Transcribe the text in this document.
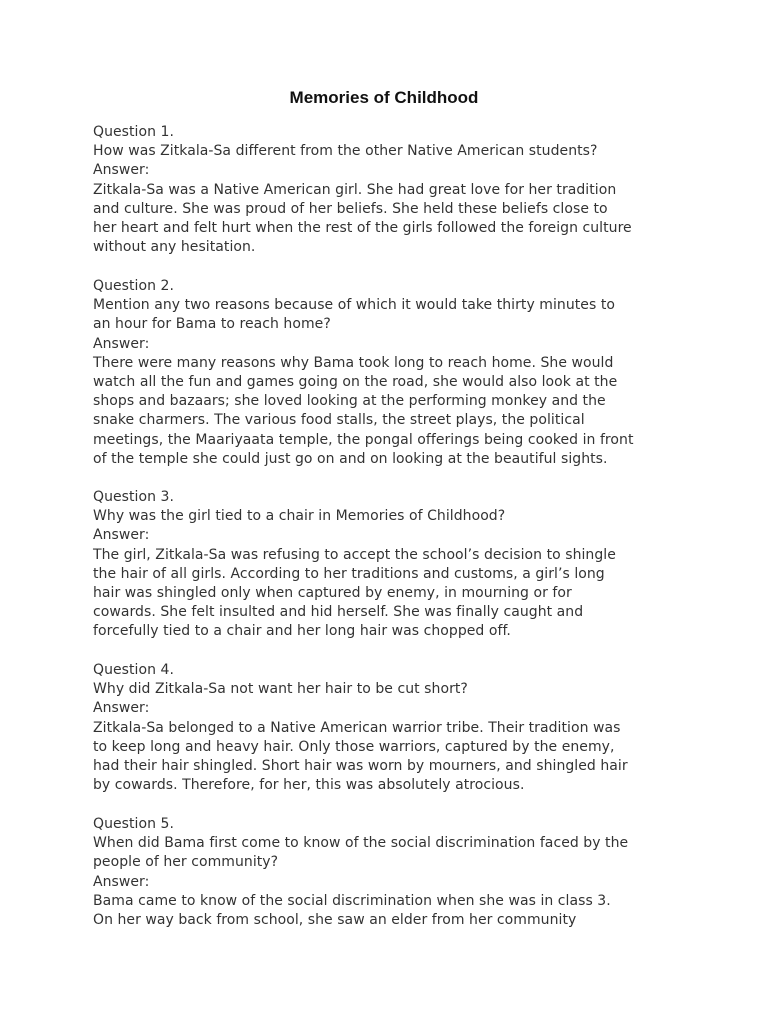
Memories of Childhood
Question 1.
How was Zitkala-Sa different from the other Native American students?
Answer:
Zitkala-Sa was a Native American girl. She had great love for her tradition
and culture. She was proud of her beliefs. She held these beliefs close to
her heart and felt hurt when the rest of the girls followed the foreign culture
without any hesitation.
Question 2.
Mention any two reasons because of which it would take thirty minutes to
an hour for Bama to reach home?
Answer:
There were many reasons why Bama took long to reach home. She would
watch all the fun and games going on the road, she would also look at the
shops and bazaars; she loved looking at the performing monkey and the
snake charmers. The various food stalls, the street plays, the political
meetings, the Maariyaata temple, the pongal offerings being cooked in front
of the temple she could just go on and on looking at the beautiful sights.
Question 3.
Why was the girl tied to a chair in Memories of Childhood?
Answer:
The girl, Zitkala-Sa was refusing to accept the school’s decision to shingle
the hair of all girls. According to her traditions and customs, a girl’s long
hair was shingled only when captured by enemy, in mourning or for
cowards. She felt insulted and hid herself. She was finally caught and
forcefully tied to a chair and her long hair was chopped off.
Question 4.
Why did Zitkala-Sa not want her hair to be cut short?
Answer:
Zitkala-Sa belonged to a Native American warrior tribe. Their tradition was
to keep long and heavy hair. Only those warriors, captured by the enemy,
had their hair shingled. Short hair was worn by mourners, and shingled hair
by cowards. Therefore, for her, this was absolutely atrocious.
Question 5.
When did Bama first come to know of the social discrimination faced by the
people of her community?
Answer:
Bama came to know of the social discrimination when she was in class 3.
On her way back from school, she saw an elder from her community
